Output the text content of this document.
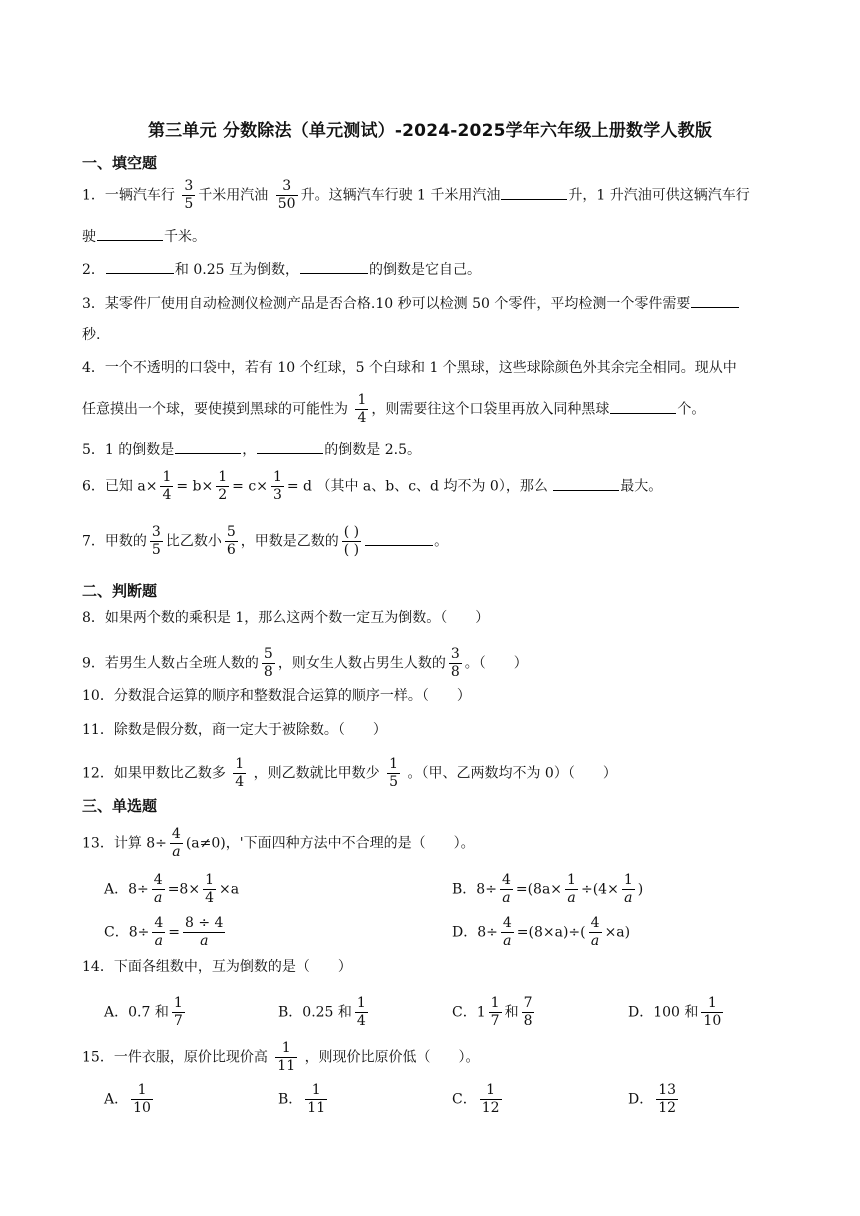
第三单元 分数除法（单元测试）-2024-2025学年六年级上册数学人教版
一、填空题
1．一辆汽车行 $\frac{3}{5}$ 千米用汽油 $\frac{3}{50}$ 升。这辆汽车行驶 1 千米用汽油	升，1 升汽油可供这辆汽车行
驶	千米。
2．	和 0.25 互为倒数，	的倒数是它自己。
3．某零件厂使用自动检测仪检测产品是否合格.10 秒可以检测 50 个零件，平均检测一个零件需要
秒.
4．一个不透明的口袋中，若有 10 个红球，5 个白球和 1 个黑球，这些球除颜色外其余完全相同。现从中
任意摸出一个球，要使摸到黑球的可能性为 $\frac{1}{4}$ ，则需要往这个口袋里再放入同种黑球	个。
5．1 的倒数是	，	的倒数是 2.5。
6．已知 $a\times \frac{1}{4} = b\times \frac{1}{2} = c\times \frac{1}{3} = d$ （其中 a、b、c、d 均不为 0），那么	最大。
7．甲数的 $\frac{3}{5}$ 比乙数小 $\frac{5}{6}$ ，甲数是乙数的 $\frac{( )}{( )}$	。
二、判断题
8．如果两个数的乘积是 1，那么这两个数一定互为倒数。（　　）
9．若男生人数占全班人数的 $\frac{5}{8}$ ，则女生人数占男生人数的 $\frac{3}{8}$ 。（　　）
10．分数混合运算的顺序和整数混合运算的顺序一样。（　　）
11．除数是假分数，商一定大于被除数。（　　）
12．如果甲数比乙数多 $\frac{1}{4}$ ，则乙数就比甲数少 $\frac{1}{5}$ 。（甲、乙两数均不为 0）（　　）
三、单选题
13．计算 $8\div \frac{4}{a} (a\ne 0)$，'下面四种方法中不合理的是（　　）。
A．$8\div \frac{4}{a} =8\times \frac{1}{4} \times a$	B．$8\div \frac{4}{a} =(8a\times \frac{1}{a} \div(4\times \frac{1}{a}$ )
C．$8\div \frac{4}{a} = \frac{8 \div 4}{a}$	D．$8\div \frac{4}{a} =(8\times a)\div( \frac{4}{a} \times a)$
14．下面各组数中，互为倒数的是（　　）
A．0.7 和 $\frac{1}{7}$	B．0.25 和 $\frac{1}{4}$	C．$1 \frac{1}{7}$ 和 $\frac{7}{8}$	D．100 和 $\frac{1}{10}$
15．一件衣服，原价比现价高 $\frac{1}{11}$ ，则现价比原价低（　　）。
A． $\frac{1}{10}$	B． $\frac{1}{11}$	C． $\frac{1}{12}$	D． $\frac{13}{12}$
